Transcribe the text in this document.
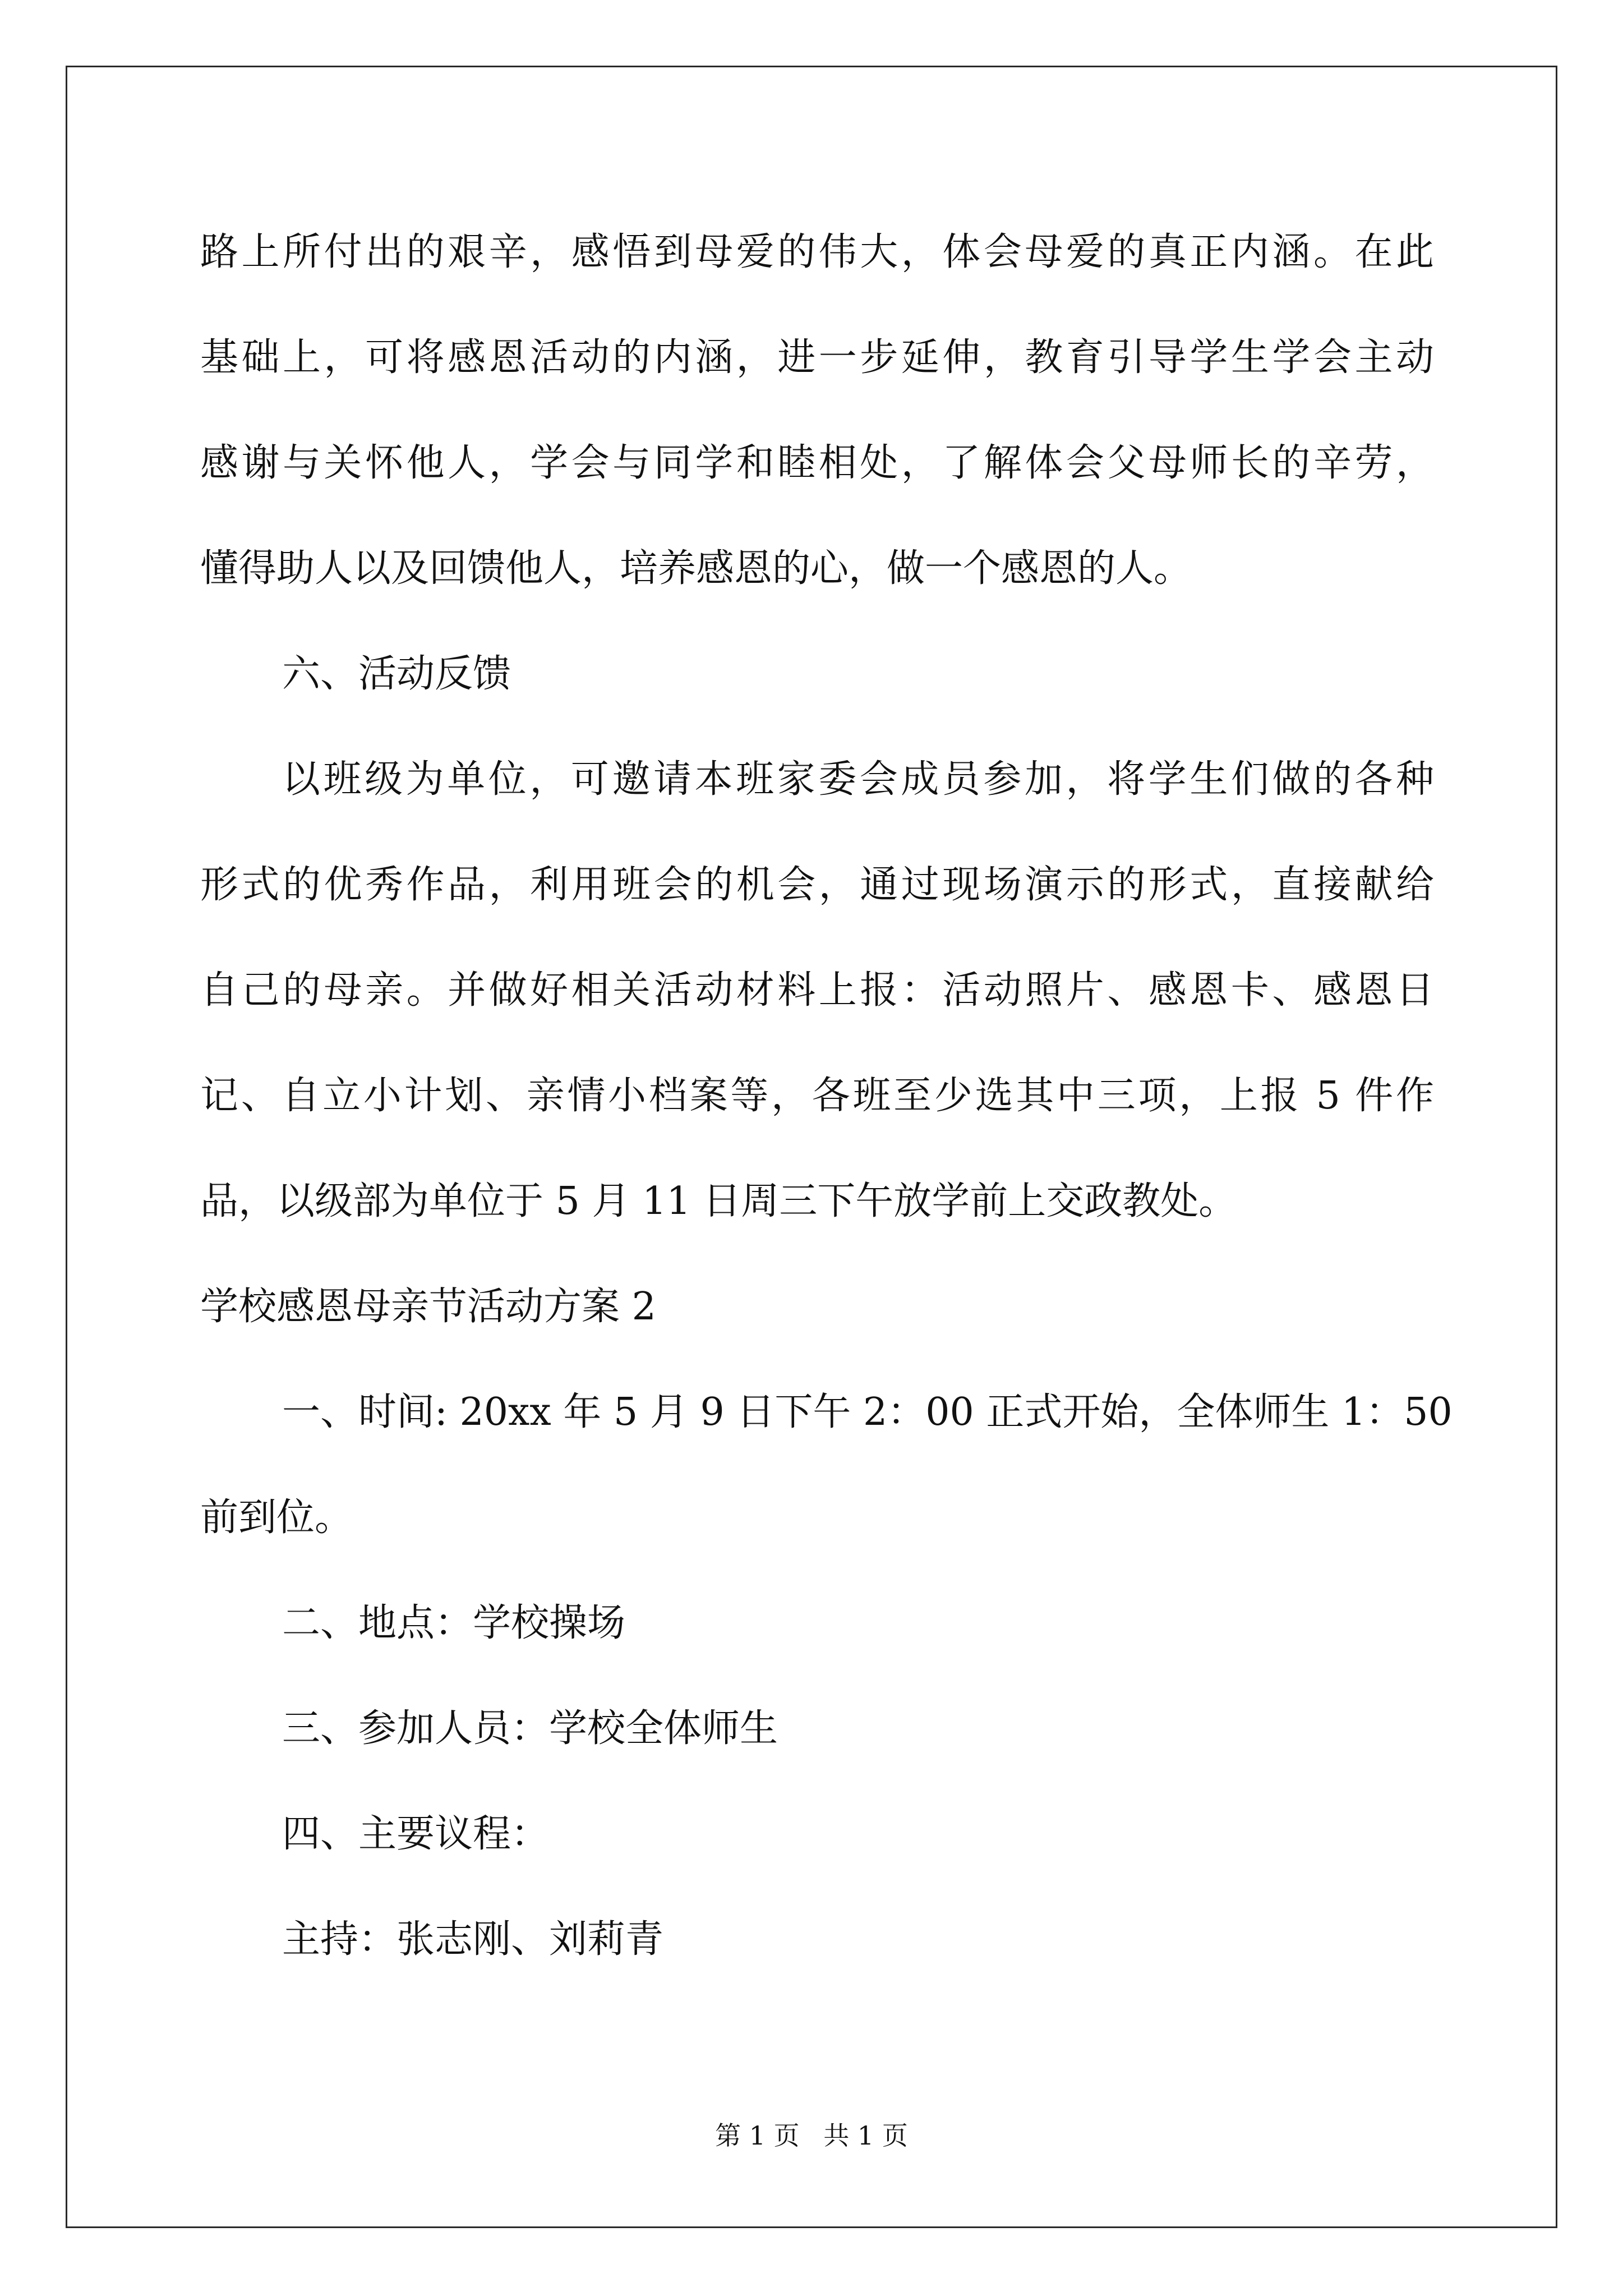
路上所付出的艰辛，感悟到母爱的伟大，体会母爱的真正内涵。在此
基础上，可将感恩活动的内涵，进一步延伸，教育引导学生学会主动
感谢与关怀他人，学会与同学和睦相处，了解体会父母师长的辛劳，
懂得助人以及回馈他人，培养感恩的心，做一个感恩的人。
六、活动反馈
以班级为单位，可邀请本班家委会成员参加，将学生们做的各种
形式的优秀作品，利用班会的机会，通过现场演示的形式，直接献给
自己的母亲。并做好相关活动材料上报：活动照片、感恩卡、感恩日
记、自立小计划、亲情小档案等，各班至少选其中三项，上报 5 件作
品，以级部为单位于 5 月 11 日周三下午放学前上交政教处。
学校感恩母亲节活动方案 2
一、时间: 20xx 年 5 月 9 日下午 2：00 正式开始，全体师生 1：50
前到位。
二、地点：学校操场
三、参加人员：学校全体师生
四、主要议程：
主持：张志刚、刘莉青
第 1 页 共 1 页
